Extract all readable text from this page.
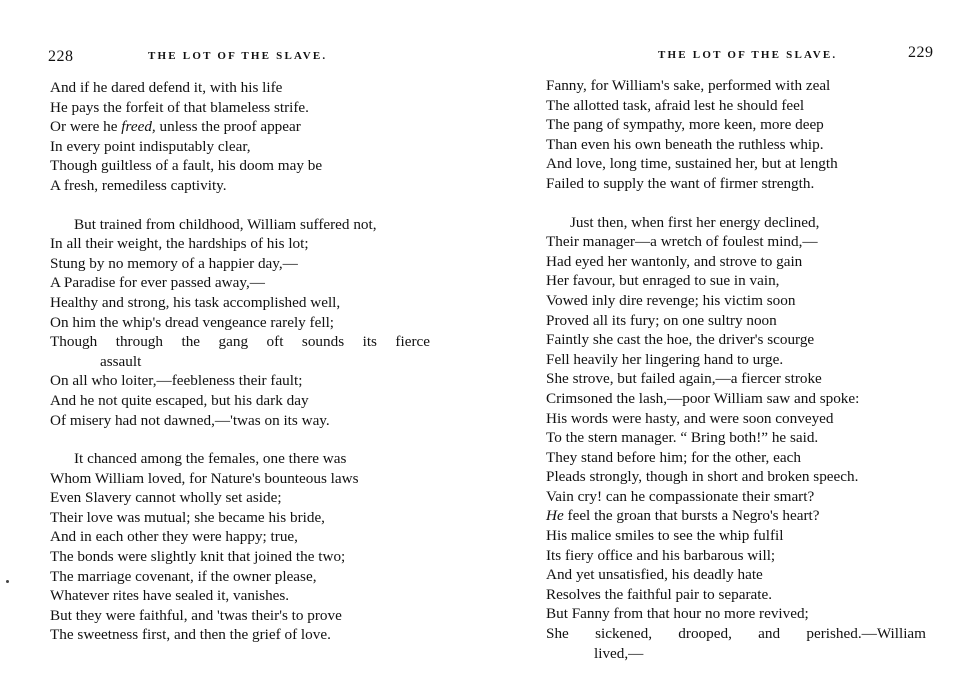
228	THE LOT OF THE SLAVE.
And if he dared defend it, with his life
He pays the forfeit of that blameless strife.
Or were he freed, unless the proof appear
In every point indisputably clear,
Though guiltless of a fault, his doom may be
A fresh, remediless captivity.
But trained from childhood, William suffered not,
In all their weight, the hardships of his lot;
Stung by no memory of a happier day,—
A Paradise for ever passed away,—
Healthy and strong, his task accomplished well,
On him the whip's dread vengeance rarely fell;
Though through the gang oft sounds its fierce
assault
On all who loiter,—feebleness their fault;
And he not quite escaped, but his dark day
Of misery had not dawned,—'twas on its way.
It chanced among the females, one there was
Whom William loved, for Nature's bounteous laws
Even Slavery cannot wholly set aside;
Their love was mutual; she became his bride,
And in each other they were happy; true,
The bonds were slightly knit that joined the two;
The marriage covenant, if the owner please,
Whatever rites have sealed it, vanishes.
But they were faithful, and 'twas their's to prove
The sweetness first, and then the grief of love.
229
THE LOT OF THE SLAVE.
Fanny, for William's sake, performed with zeal
The allotted task, afraid lest he should feel
The pang of sympathy, more keen, more deep
Than even his own beneath the ruthless whip.
And love, long time, sustained her, but at length
Failed to supply the want of firmer strength.
Just then, when first her energy declined,
Their manager—a wretch of foulest mind,—
Had eyed her wantonly, and strove to gain
Her favour, but enraged to sue in vain,
Vowed inly dire revenge; his victim soon
Proved all its fury; on one sultry noon
Faintly she cast the hoe, the driver's scourge
Fell heavily her lingering hand to urge.
She strove, but failed again,—a fiercer stroke
Crimsoned the lash,—poor William saw and spoke:
His words were hasty, and were soon conveyed
To the stern manager. “ Bring both!” he said.
They stand before him; for the other, each
Pleads strongly, though in short and broken speech.
Vain cry! can he compassionate their smart?
He feel the groan that bursts a Negro's heart?
His malice smiles to see the whip fulfil
Its fiery office and his barbarous will;
And yet unsatisfied, his deadly hate
Resolves the faithful pair to separate.
But Fanny from that hour no more revived;
She sickened, drooped, and perished.—William
lived,—
